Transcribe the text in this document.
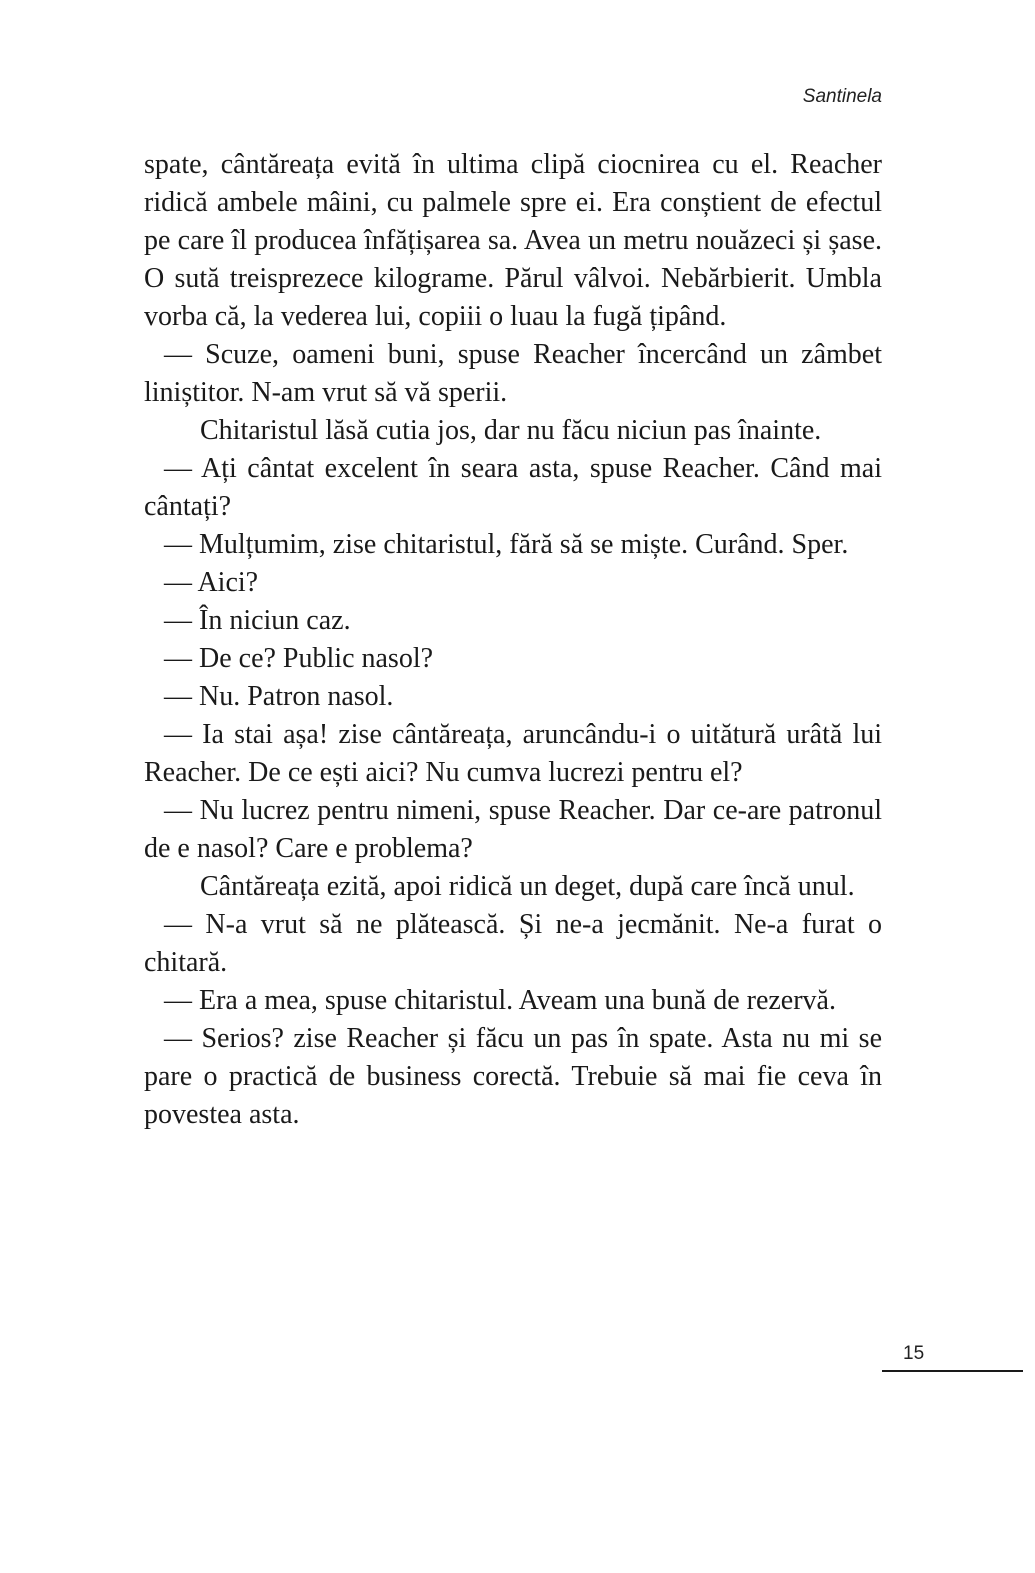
Santinela

spate, cântăreața evită în ultima clipă ciocnirea cu el. Reacher ridică ambele mâini, cu palmele spre ei. Era conștient de efectul pe care îl producea înfățișarea sa. Avea un metru nouăzeci și șase. O sută treisprezece kilograme. Părul vâlvoi. Nebărbierit. Umbla vorba că, la vederea lui, copiii o luau la fugă țipând.

— Scuze, oameni buni, spuse Reacher încercând un zâmbet liniștitor. N-am vrut să vă sperii.

Chitaristul lăsă cutia jos, dar nu făcu niciun pas înainte.

— Ați cântat excelent în seara asta, spuse Reacher. Când mai cântați?

— Mulțumim, zise chitaristul, fără să se miște. Curând. Sper.

— Aici?

— În niciun caz.

— De ce? Public nasol?

— Nu. Patron nasol.

— Ia stai așa! zise cântăreața, aruncându-i o uitătură urâtă lui Reacher. De ce ești aici? Nu cumva lucrezi pentru el?

— Nu lucrez pentru nimeni, spuse Reacher. Dar ce-are patronul de e nasol? Care e problema?

Cântăreața ezită, apoi ridică un deget, după care încă unul.

— N-a vrut să ne plătească. Și ne-a jecmănit. Ne-a furat o chitară.

— Era a mea, spuse chitaristul. Aveam una bună de rezervă.

— Serios? zise Reacher și făcu un pas în spate. Asta nu mi se pare o practică de business corectă. Trebuie să mai fie ceva în povestea asta.

15
